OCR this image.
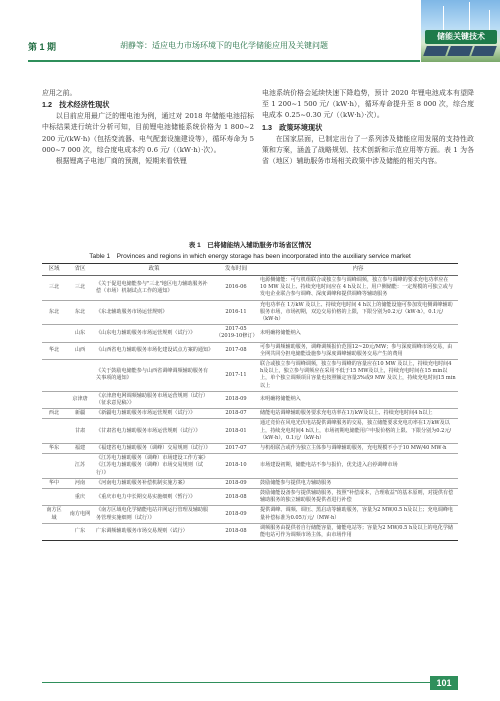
第 1 期	胡静等：适应电力市场环境下的电化学储能应用及关键问题
储能关键技术

应用之前。

1.2　技术经济性现状

以目前应用最广泛的锂电池为例，通过对 2018 年储能电池招标中标结果进行统计分析可知，目前锂电池储能系统价格为 1 800~2 200 元/(kW·h)（包括变流器、电气配套设施建设等），循环寿命为 5 000~7 000 次，综合度电成本约 0.6 元/（（kW·h）·次）。

根据锂离子电池厂商的预测，短期来看铁锂

电池系统价格会延续快速下降趋势，预计 2020 年锂电池成本有望降至 1 200~1 500 元/（kW·h），循环寿命提升至 8 000 次，综合度电成本 0.25~0.30 元/（（kW·h）·次）。

1.3　政策环境现状

在国家层面，已制定出台了一系列涉及储能应用发展的支持性政策和方案，涵盖了战略规划、技术创新和示范应用等方面。表 1 为各省（地区）辅助服务市场相关政策中涉及储能的相关内容。

表 1　已将储能纳入辅助服务市场省区情况
Table 1　Provinces and regions in which energy storage has been incorporated into the auxiliary service market
区域	省区	政策	发布时间	内容
三北	三北	《关于促进电储能参与"三北"地区电力辅助服务补偿（市场）机制试点工作的通知》	2016-06	电源侧储能：可与机组联合或独立参与调峰调频，独立参与调峰的要求充电功率应在 10 MW 及以上、持续充电时间应在 4 h及以上，用户侧储能：一定规模的可独立或与发电企业联合参与调峰、深度调峰和提供调峰等辅助服务
东北	东北	《东北辅助服务市场运营规则》	2016-11	充电功率在 1万kW 及以上、持续充电时间 4 h以上的储能设施可参加发电侧调峰辅助服务市场，市场初期，双边交易价格的上限，下限分别为0.2元/（kW·h），0.1元/（kW·h）
	山东	《山东电力辅助服务市场运营规则（试行）》	2017-05（2019-10修订）	未明确将储能纳入
华北	山西	《山西省电力辅助服务市场化建设试点方案的通知》	2017-08	可参与调频辅助服务，调峰调频报价范围12~20元/MW；参与深度调峰市场交易，由全网共同分担电储能设施参与深度调峰辅助服务交易产生的费用
		《关于鼓励电储能参与山西省调峰调频辅助服务有关事项的通知》	2017-11	联合或独立参与调峰调频，独立参与调峰的容量应在10 MW 及以上，持续充电时间4 h及以上，独立参与调频应在采用不低于15 MW及以上，持续充电时间在15 min以上，单个独立调频项目容量也按照额定容量3%或9 MW 及以上，持续充电时间15 min以上
	京津唐	《京津唐电网调频辅助服务市场运营规则（试行）（征求意见稿）》	2018-09	未明确将储能纳入
西北	新疆	《新疆电力辅助服务市场运营规则（试行）》	2018-07	储能电站调峰辅助服务要求充电功率在1万kW及以上、持续充电时间4 h以上
	甘肃	《甘肃省电力辅助服务市场运营规则（试行）》	2018-01	通过竞价在风电光伏电站提供调峰服务的交易，独立储能要求充电功率在1万kW及以上，持续充电时间4 h以上，市场初期电储能用户申报价格的上限、下限分别为0.2元/（kW·h），0.1元/（kW·h）
华东	福建	《福建省电力辅助服务（调峰）交易规则（试行）》	2017-07	与机组联合或作为独立主体参与调峰辅助服务，充电规模不小于10 MW/40 MW·h
	江苏	《江苏电力辅助服务（调峰）市场建设工作方案》《江苏电力辅助服务（调峰）市场交易规则（试行）》	2018-10	市场建设初期，储能电站不参与报价，优先进入启停调峰市场
华中	河南	《河南电力辅助服务补偿机制实施方案》	2018-09	鼓励储能参与提供电力辅助服务
	重庆	《重庆市电力中长期交易实施细则（暂行）》	2018-08	鼓励储能设备参与提供辅助服务，按照"补偿成本，合理收益"的基本原则，对提供有偿辅助服务的独立辅助服务提供者进行补偿
南方区域	南方电网	《南方区域电化学储能电站并网运行管理及辅助服务管理实施细则（试行）》	2018-09	提供调峰、调频、调压、黑启动等辅助服务，容量为2 MW/0.5 h及以上；充电调峰电量补偿标准为0.05万元/（MW·h）
	广东	广东调频辅助服务市场交易规则（试行）	2018-08	调频服务由提供者自行储能容量，储能电站等；容量为2 MW/0.5 h及以上的电化学储能电站可作为调频市场主体，由市场作用
101
